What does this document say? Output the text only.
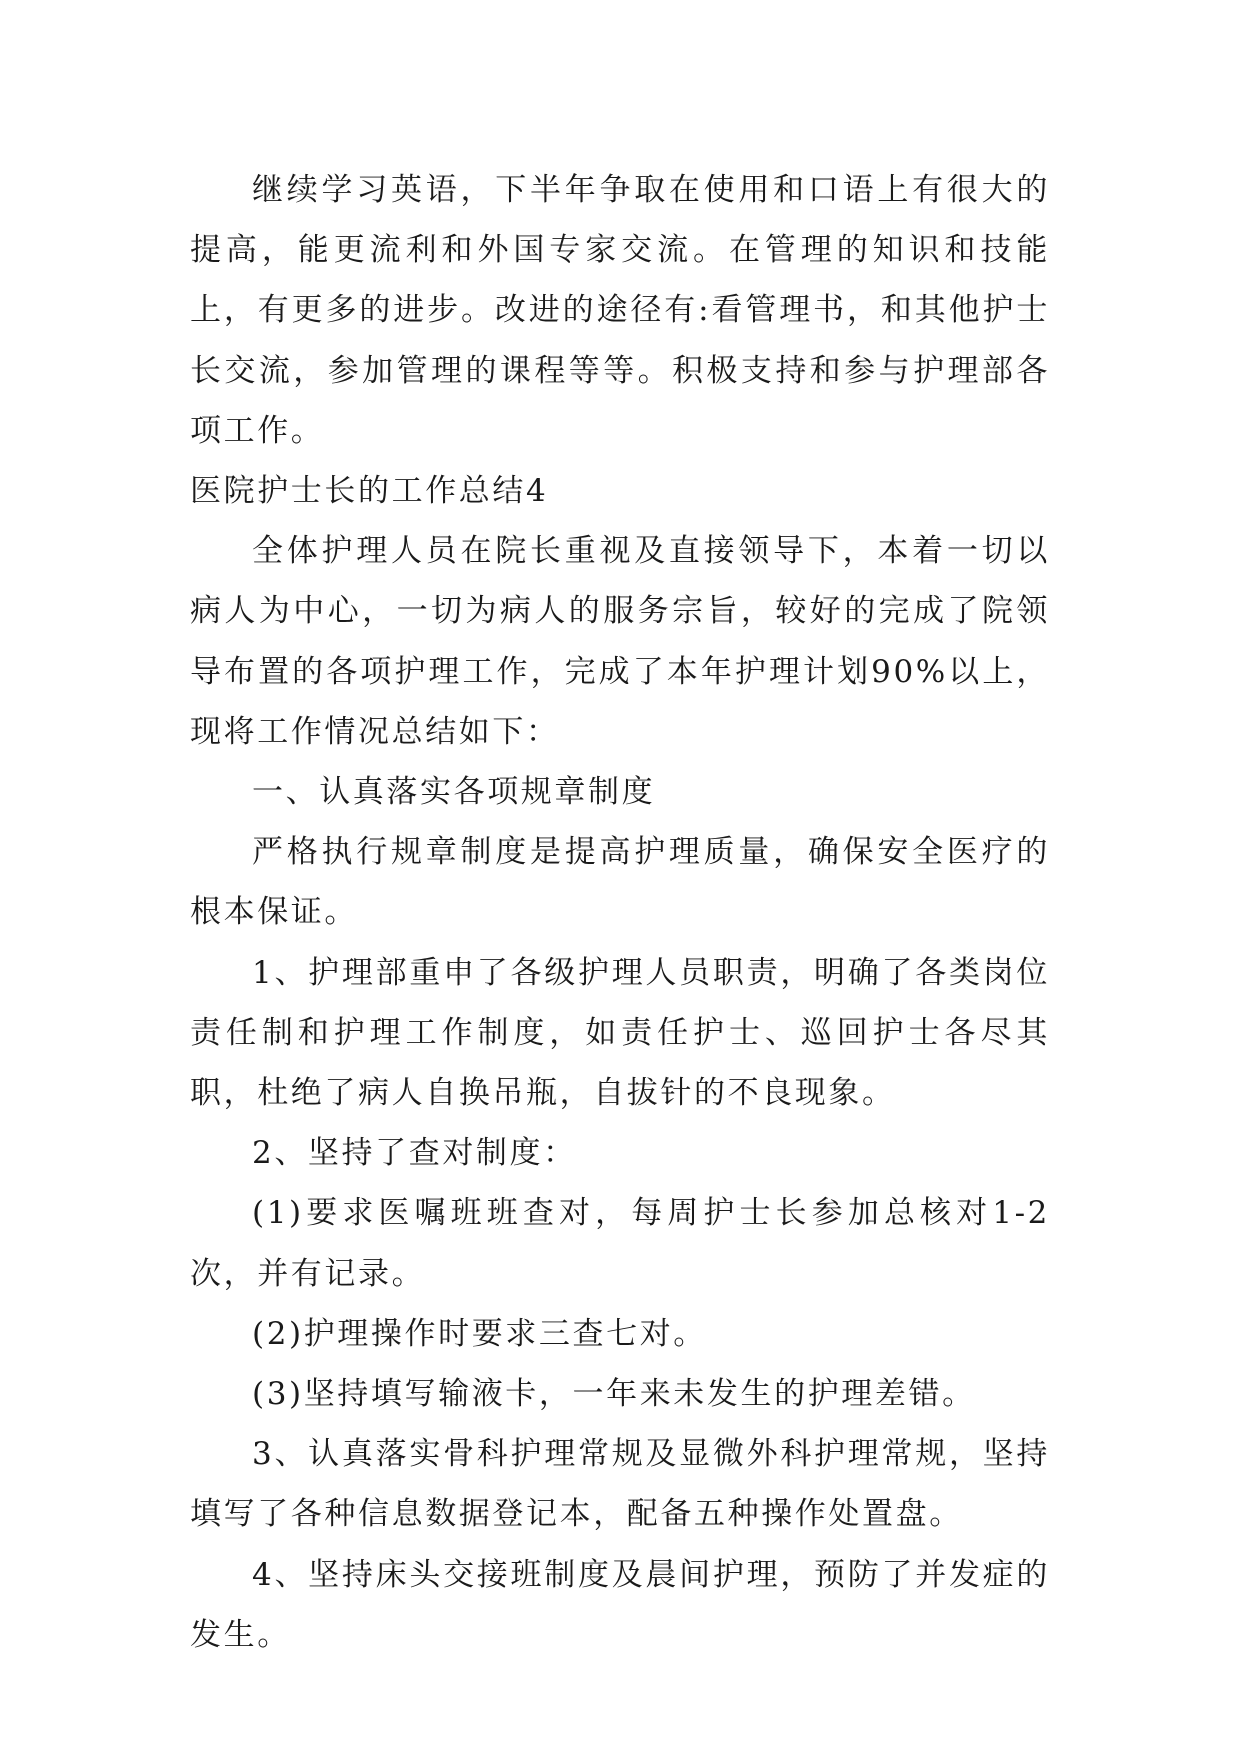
继续学习英语，下半年争取在使用和口语上有很大的提高，能更流利和外国专家交流。在管理的知识和技能上，有更多的进步。改进的途径有:看管理书，和其他护士长交流，参加管理的课程等等。积极支持和参与护理部各项工作。

医院护士长的工作总结4

全体护理人员在院长重视及直接领导下，本着一切以病人为中心，一切为病人的服务宗旨，较好的完成了院领导布置的各项护理工作，完成了本年护理计划90%以上，现将工作情况总结如下：

一、认真落实各项规章制度

严格执行规章制度是提高护理质量，确保安全医疗的根本保证。

1、护理部重申了各级护理人员职责，明确了各类岗位责任制和护理工作制度，如责任护士、巡回护士各尽其职，杜绝了病人自换吊瓶，自拔针的不良现象。

2、坚持了查对制度：

(1)要求医嘱班班查对，每周护士长参加总核对1-2次，并有记录。

(2)护理操作时要求三查七对。

(3)坚持填写输液卡，一年来未发生的护理差错。

3、认真落实骨科护理常规及显微外科护理常规，坚持填写了各种信息数据登记本，配备五种操作处置盘。

4、坚持床头交接班制度及晨间护理，预防了并发症的发生。
